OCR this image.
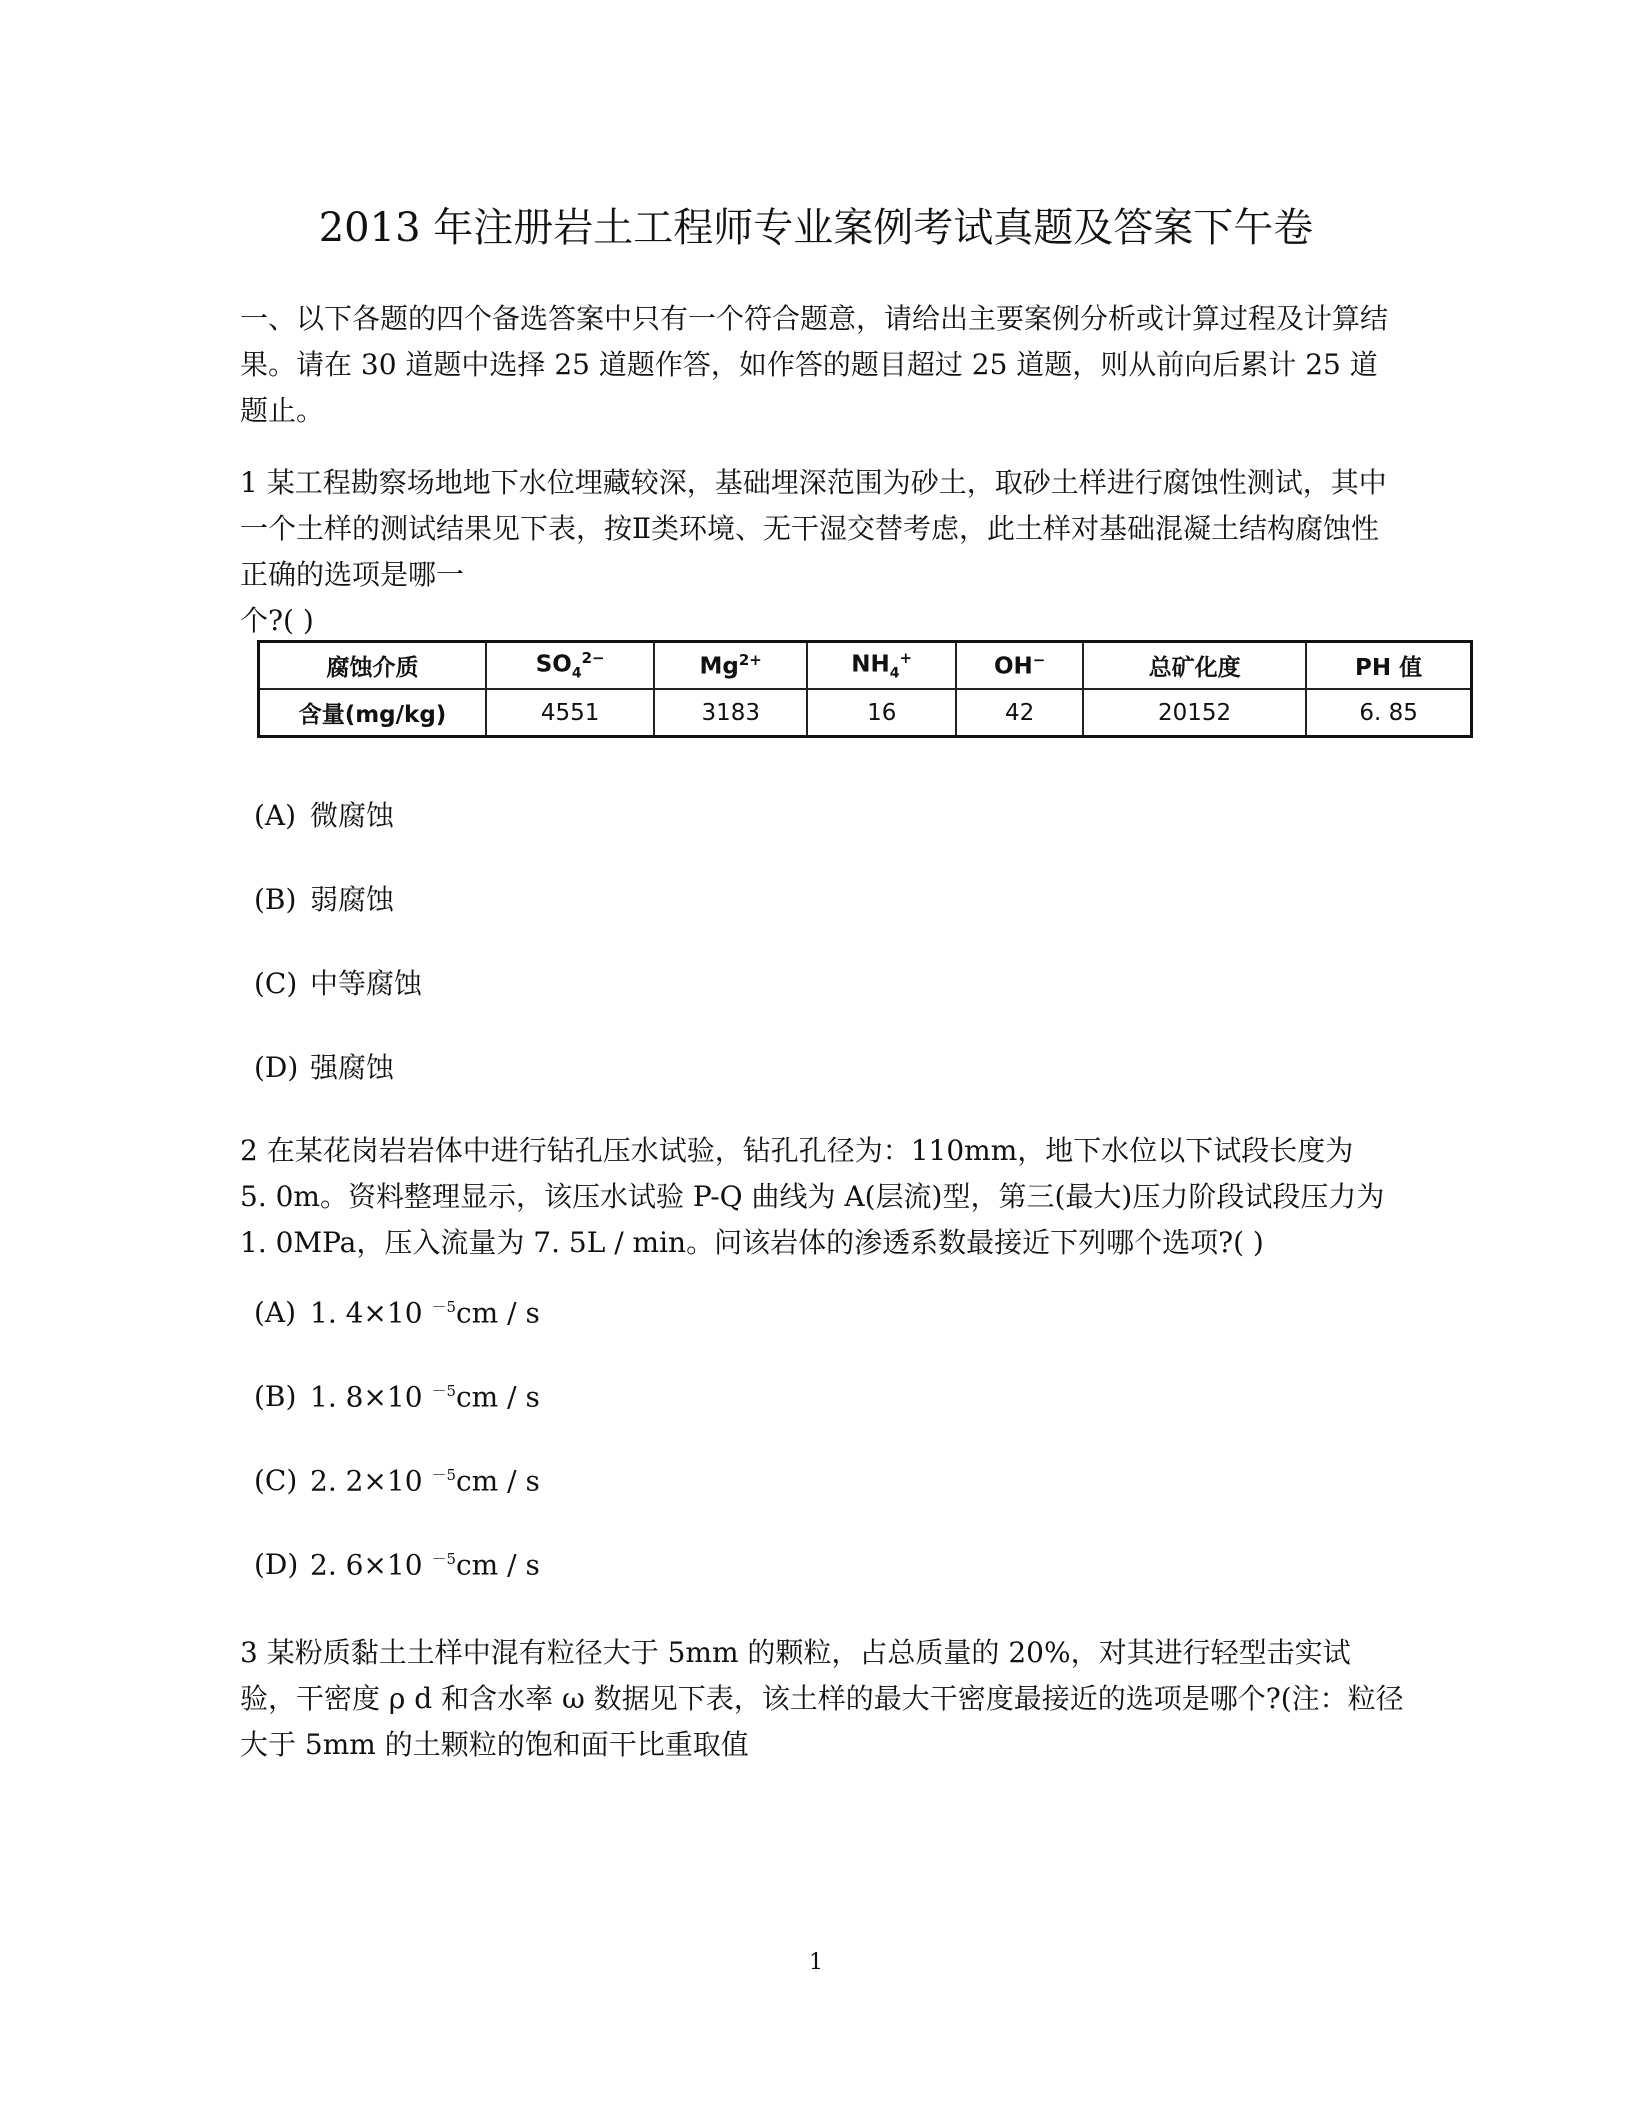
2013 年注册岩土工程师专业案例考试真题及答案下午卷
一、以下各题的四个备选答案中只有一个符合题意，请给出主要案例分析或计算过程及计算结
果。请在 30 道题中选择 25 道题作答，如作答的题目超过 25 道题，则从前向后累计 25 道
题止。
1 某工程勘察场地地下水位埋藏较深，基础埋深范围为砂土，取砂土样进行腐蚀性测试，其中
一个土样的测试结果见下表，按Ⅱ类环境、无干湿交替考虑，此土样对基础混凝土结构腐蚀性
正确的选项是哪一
个?( )
腐蚀介质	$SO_4^{2-}$	$Mg^{2+}$	$NH_4^+$	OH−	总矿化度	PH 值
含量(mg/kg)	4551	3183	16	42	20152	6. 85
(A) 微腐蚀
(B) 弱腐蚀
(C) 中等腐蚀
(D) 强腐蚀
2 在某花岗岩岩体中进行钻孔压水试验，钻孔孔径为：110mm，地下水位以下试段长度为
5. 0m。资料整理显示，该压水试验 P-Q 曲线为 A(层流)型，第三(最大)压力阶段试段压力为
1. 0MPa，压入流量为 7. 5L / min。问该岩体的渗透系数最接近下列哪个选项?( )
(A) 1. 4×10 $^{-5}$cm / s
(B) 1. 8×10 $^{-5}$cm / s
(C) 2. 2×10 $^{-5}$cm / s
(D) 2. 6×10 $^{-5}$cm / s
3 某粉质黏土土样中混有粒径大于 5mm 的颗粒，占总质量的 20%，对其进行轻型击实试
验，干密度 ρ d 和含水率 ω 数据见下表，该土样的最大干密度最接近的选项是哪个?(注：粒径
大于 5mm 的土颗粒的饱和面干比重取值
1
